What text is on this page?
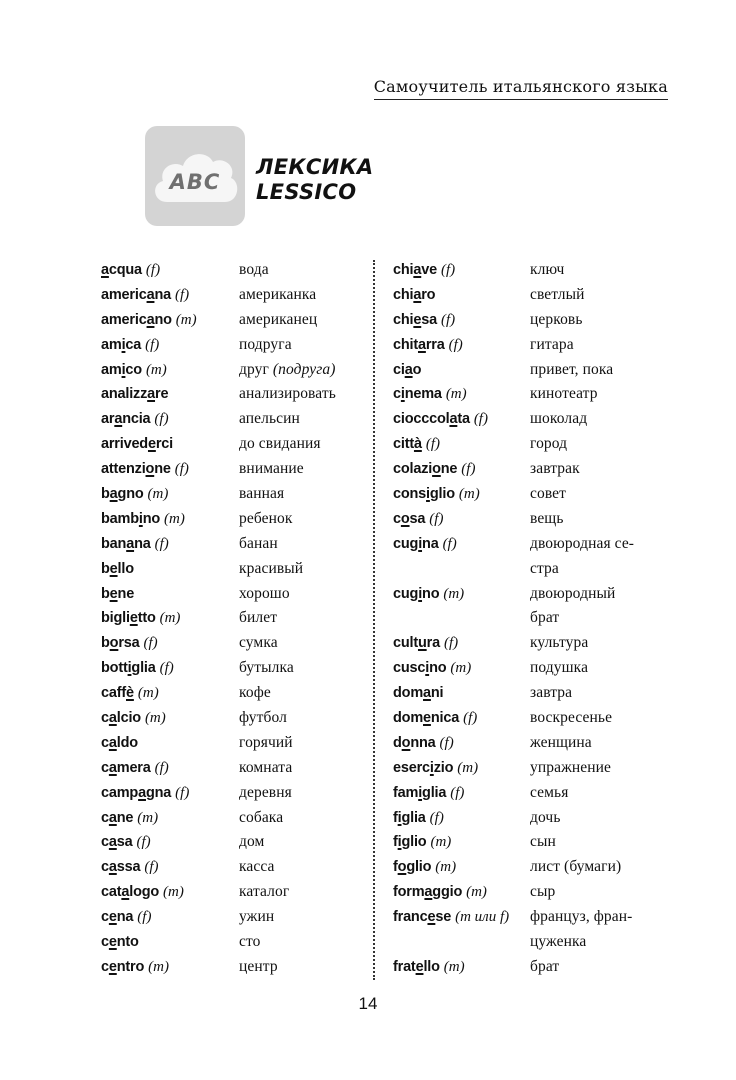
Самоучитель итальянского языка
ABC
ЛЕКСИКА
LESSICO
acqua (f)	вода
americana (f)	американка
americano (m)	американец
amica (f)	подруга
amico (m)	друг (подруга)
analizzare	анализировать
arancia (f)	апельсин
arrivederci	до свидания
attenzione (f)	внимание
bagno (m)	ванная
bambino (m)	ребенок
banana (f)	банан
bello	красивый
bene	хорошо
biglietto (m)	билет
borsa (f)	сумка
bottiglia (f)	бутылка
caffè (m)	кофе
calcio (m)	футбол
caldo	горячий
camera (f)	комната
campagna (f)	деревня
cane (m)	собака
casa (f)	дом
cassa (f)	касса
catalogo (m)	каталог
cena (f)	ужин
cento	сто
centro (m)	центр
chiave (f)	ключ
chiaro	светлый
chiesa (f)	церковь
chitarra (f)	гитара
ciao	привет, пока
cinema (m)	кинотеатр
ciocccolata (f)	шоколад
città (f)	город
colazione (f)	завтрак
consiglio (m)	совет
cosa (f)	вещь
cugina (f)	двоюродная се-
стра
cugino (m)	двоюродный
брат
cultura (f)	культура
cuscino (m)	подушка
domani	завтра
domenica (f)	воскресенье
donna (f)	женщина
esercizio (m)	упражнение
famiglia (f)	семья
figlia (f)	дочь
figlio (m)	сын
foglio (m)	лист (бумаги)
formaggio (m)	сыр
francese (m или f) француз, фран-
цуженка
fratello (m)	брат
14
